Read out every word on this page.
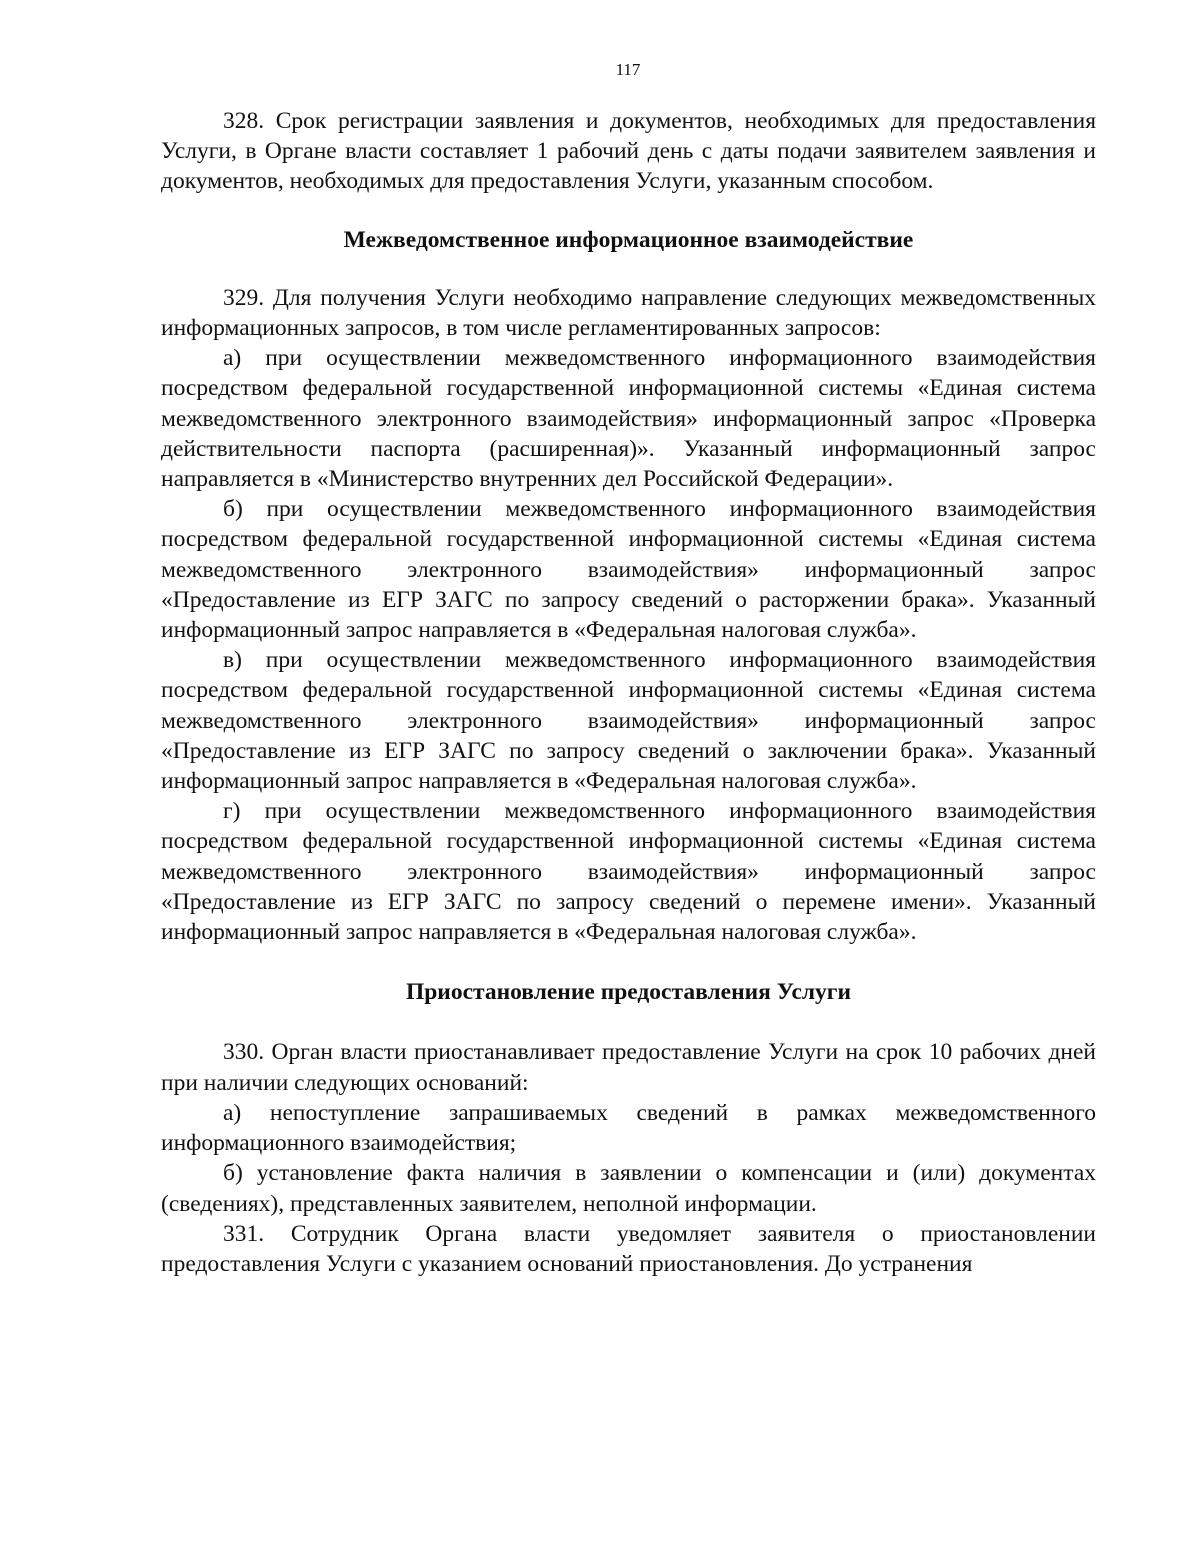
117

328. Срок регистрации заявления и документов, необходимых для предоставления Услуги, в Органе власти составляет 1 рабочий день с даты подачи заявителем заявления и документов, необходимых для предоставления Услуги, указанным способом.

Межведомственное информационное взаимодействие

329. Для получения Услуги необходимо направление следующих межведомственных информационных запросов, в том числе регламентированных запросов:

а) при осуществлении межведомственного информационного взаимодействия посредством федеральной государственной информационной системы «Единая система межведомственного электронного взаимодействия» информационный запрос «Проверка действительности паспорта (расширенная)». Указанный информационный запрос направляется в «Министерство внутренних дел Российской Федерации».

б) при осуществлении межведомственного информационного взаимодействия посредством федеральной государственной информационной системы «Единая система межведомственного электронного взаимодействия» информационный запрос «Предоставление из ЕГР ЗАГС по запросу сведений о расторжении брака». Указанный информационный запрос направляется в «Федеральная налоговая служба».

в) при осуществлении межведомственного информационного взаимодействия посредством федеральной государственной информационной системы «Единая система межведомственного электронного взаимодействия» информационный запрос «Предоставление из ЕГР ЗАГС по запросу сведений о заключении брака». Указанный информационный запрос направляется в «Федеральная налоговая служба».

г) при осуществлении межведомственного информационного взаимодействия посредством федеральной государственной информационной системы «Единая система межведомственного электронного взаимодействия» информационный запрос «Предоставление из ЕГР ЗАГС по запросу сведений о перемене имени». Указанный информационный запрос направляется в «Федеральная налоговая служба».

Приостановление предоставления Услуги

330. Орган власти приостанавливает предоставление Услуги на срок 10 рабочих дней при наличии следующих оснований:

а) непоступление запрашиваемых сведений в рамках межведомственного информационного взаимодействия;

б) установление факта наличия в заявлении о компенсации и (или) документах (сведениях), представленных заявителем, неполной информации.

331. Сотрудник Органа власти уведомляет заявителя о приостановлении предоставления Услуги с указанием оснований приостановления. До устранения
